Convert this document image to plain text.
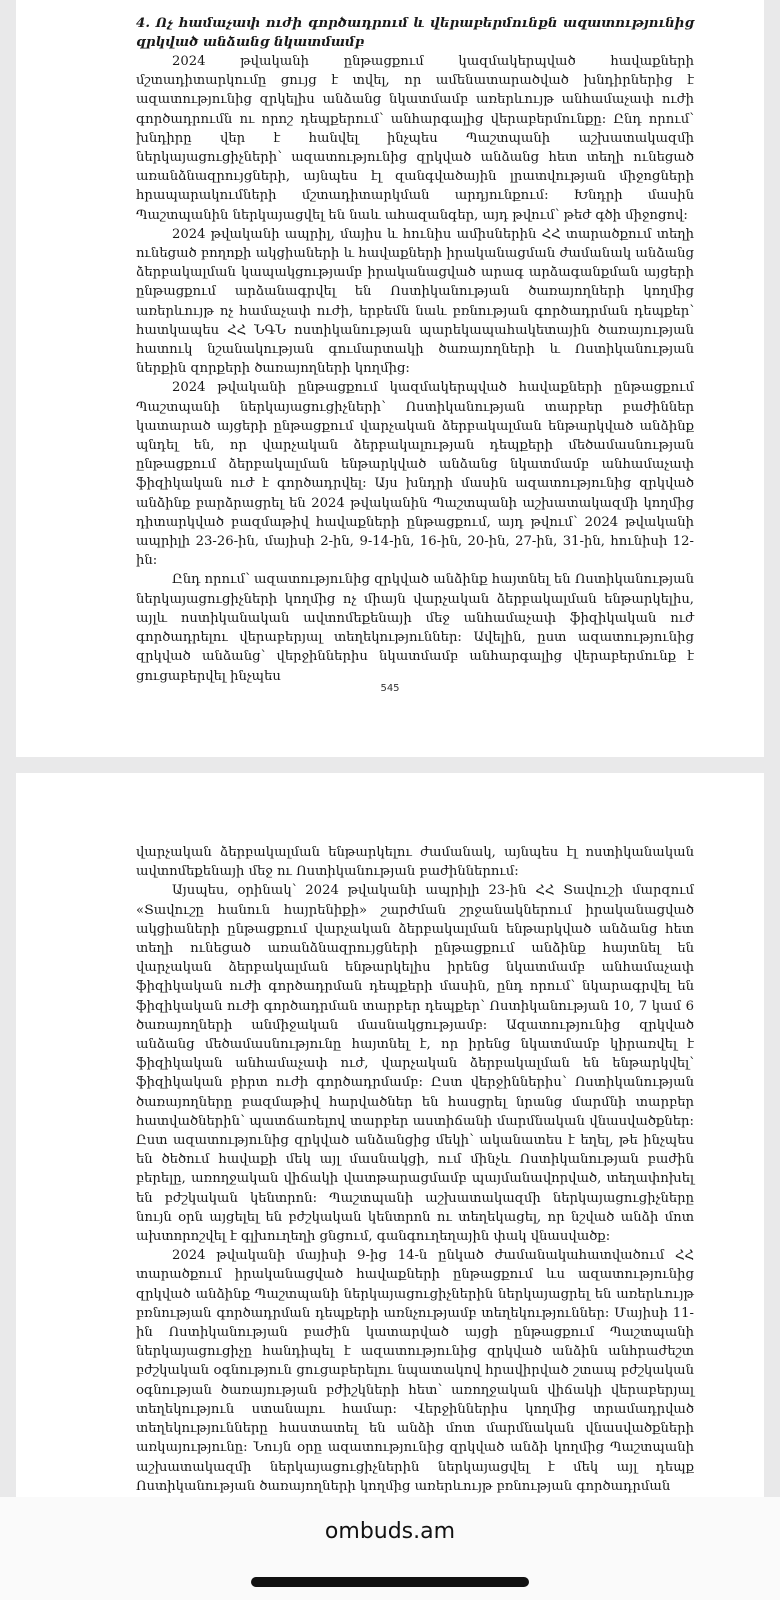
4. Ոչ համաչափ ուժի գործադրում և վերաբերմունքն ազատությունից զրկված անձանց նկատմամբ

2024 թվականի ընթացքում կազմակերպված հավաքների մշտադիտարկումը ցույց է տվել, որ ամենատարածված խնդիրներից է ազատությունից զրկելիս անձանց նկատմամբ առերևույթ անհամաչափ ուժի գործադրումն ու որոշ դեպքերում՝ անհարգալից վերաբերմունքը: Ընդ որում՝ խնդիրը վեր է հանվել ինչպես Պաշտպանի աշխատակազմի ներկայացուցիչների՝ ազատությունից զրկված անձանց հետ տեղի ունեցած առանձնազրույցների, այնպես էլ զանգվածային լրատվության միջոցների հրապարակումների մշտադիտարկման արդյունքում: Խնդրի մասին Պաշտպանին ներկայացվել են նաև ահազանգեր, այդ թվում՝ թեժ գծի միջոցով:

2024 թվականի ապրիլ, մայիս և հունիս ամիսներին ՀՀ տարածքում տեղի ունեցած բողոքի ակցիաների և հավաքների իրականացման ժամանակ անձանց ձերբակալման կապակցությամբ իրականացված արագ արձագանքման այցերի ընթացքում արձանագրվել են Ոստիկանության ծառայողների կողմից առերևույթ ոչ համաչափ ուժի, երբեմն նաև բռնության գործադրման դեպքեր՝ հատկապես ՀՀ ՆԳՆ ոստիկանության պարեկապահակետային ծառայության հատուկ նշանակության գումարտակի ծառայողների և Ոստիկանության ներքին զորքերի ծառայողների կողմից:

2024 թվականի ընթացքում կազմակերպված հավաքների ընթացքում Պաշտպանի ներկայացուցիչների՝ Ոստիկանության տարբեր բաժիններ կատարած այցերի ընթացքում վարչական ձերբակալման ենթարկված անձինք պնդել են, որ վարչական ձերբակալության դեպքերի մեծամասնության ընթացքում ձերբակալման ենթարկված անձանց նկատմամբ անհամաչափ ֆիզիկական ուժ է գործադրվել: Այս խնդրի մասին ազատությունից զրկված անձինք բարձրացրել են 2024 թվականին Պաշտպանի աշխատակազմի կողմից դիտարկված բազմաթիվ հավաքների ընթացքում, այդ թվում՝ 2024 թվականի ապրիլի 23-26-ին, մայիսի 2-ին, 9-14-ին, 16-ին, 20-ին, 27-ին, 31-ին, հունիսի 12-ին:

Ընդ որում՝ ազատությունից զրկված անձինք հայտնել են Ոստիկանության ներկայացուցիչների կողմից ոչ միայն վարչական ձերբակալման ենթարկելիս, այլև ոստիկանական ավտոմեքենայի մեջ անհամաչափ ֆիզիկական ուժ գործադրելու վերաբերյալ տեղեկություններ: Ավելին, ըստ ազատությունից զրկված անձանց՝ վերջիններիս նկատմամբ անհարգալից վերաբերմունք է ցուցաբերվել ինչպես

545

վարչական ձերբակալման ենթարկելու ժամանակ, այնպես էլ ոստիկանական ավտոմեքենայի մեջ ու Ոստիկանության բաժիններում:

Այսպես, օրինակ՝ 2024 թվականի ապրիլի 23-ին ՀՀ Տավուշի մարզում «Տավուշը հանուն հայրենիքի» շարժման շրջանակներում իրականացված ակցիաների ընթացքում վարչական ձերբակալման ենթարկված անձանց հետ տեղի ունեցած առանձնազրույցների ընթացքում անձինք հայտնել են վարչական ձերբակալման ենթարկելիս իրենց նկատմամբ անհամաչափ ֆիզիկական ուժի գործադրման դեպքերի մասին, ընդ որում՝ նկարագրվել են ֆիզիկական ուժի գործադրման տարբեր դեպքեր՝ Ոստիկանության 10, 7 կամ 6 ծառայողների անմիջական մասնակցությամբ: Ազատությունից զրկված անձանց մեծամասնությունը հայտնել է, որ իրենց նկատմամբ կիրառվել է ֆիզիկական անհամաչափ ուժ, վարչական ձերբակալման են ենթարկվել՝ ֆիզիկական բիրտ ուժի գործադրմամբ: Ըստ վերջիններիս՝ Ոստիկանության ծառայողները բազմաթիվ հարվածներ են հասցրել նրանց մարմնի տարբեր հատվածներին՝ պատճառելով տարբեր աստիճանի մարմնական վնասվածքներ: Ըստ ազատությունից զրկված անձանցից մեկի՝ ականատես է եղել, թե ինչպես են ծեծում հավաքի մեկ այլ մասնակցի, ում մինչև Ոստիկանության բաժին բերելը, առողջական վիճակի վատթարացմամբ պայմանավորված, տեղափոխել են բժշկական կենտրոն: Պաշտպանի աշխատակազմի ներկայացուցիչները նույն օրն այցելել են բժշկական կենտրոն ու տեղեկացել, որ նշված անձի մոտ ախտորոշվել է գլխուղեղի ցնցում, գանգուղեղային փակ վնասվածք:

2024 թվականի մայիսի 9-ից 14-ն ընկած ժամանակահատվածում ՀՀ տարածքում իրականացված հավաքների ընթացքում ևս ազատությունից զրկված անձինք Պաշտպանի ներկայացուցիչներին ներկայացրել են առերևույթ բռնության գործադրման դեպքերի առնչությամբ տեղեկություններ: Մայիսի 11-ին Ոստիկանության բաժին կատարված այցի ընթացքում Պաշտպանի ներկայացուցիչը հանդիպել է ազատությունից զրկված անձին անհրաժեշտ բժշկական օգնություն ցուցաբերելու նպատակով հրավիրված շտապ բժշկական օգնության ծառայության բժիշկների հետ՝ առողջական վիճակի վերաբերյալ տեղեկություն ստանալու համար: Վերջիններիս կողմից տրամադրված տեղեկությունները հաստատել են անձի մոտ մարմնական վնասվածքների առկայությունը: Նույն օրը ազատությունից զրկված անձի կողմից Պաշտպանի աշխատակազմի ներկայացուցիչներին ներկայացվել է մեկ այլ դեպք Ոստիկանության ծառայողների կողմից առերևույթ բռնության գործադրման

ombuds.am
